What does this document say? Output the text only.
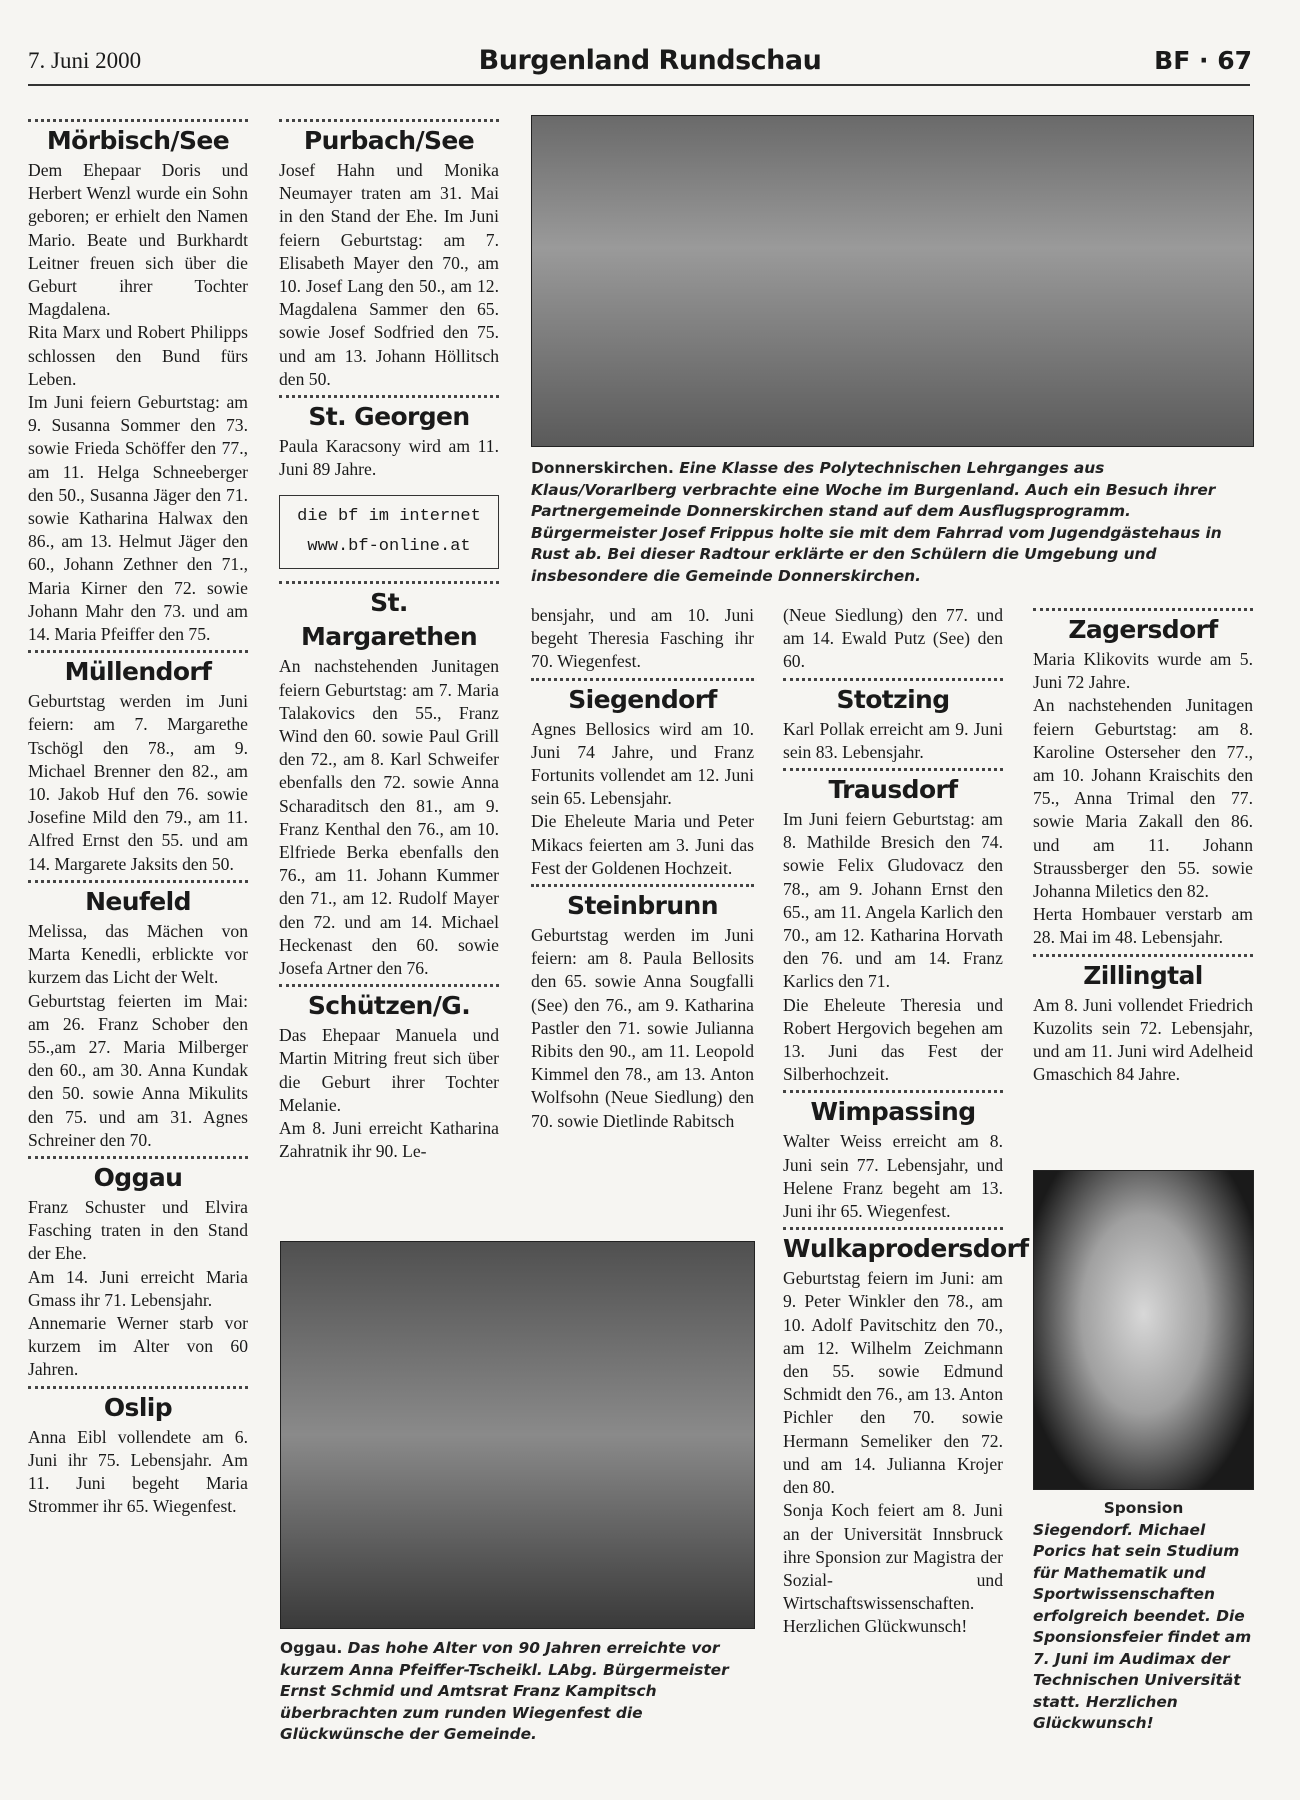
7. Juni 2000	Burgenland Rundschau	BF · 67
Mörbisch/See

Dem Ehepaar Doris und Herbert Wenzl wurde ein Sohn geboren; er erhielt den Namen Mario. Beate und Burkhardt Leitner freuen sich über die Geburt ihrer Tochter Magdalena.

Rita Marx und Robert Philipps schlossen den Bund fürs Leben.

Im Juni feiern Geburtstag: am 9. Susanna Sommer den 73. sowie Frieda Schöffer den 77., am 11. Helga Schneeberger den 50., Susanna Jäger den 71. sowie Katharina Halwax den 86., am 13. Helmut Jäger den 60., Johann Zethner den 71., Maria Kirner den 72. sowie Johann Mahr den 73. und am 14. Maria Pfeiffer den 75.

Müllendorf

Geburtstag werden im Juni feiern: am 7. Margarethe Tschögl den 78., am 9. Michael Brenner den 82., am 10. Jakob Huf den 76. sowie Josefine Mild den 79., am 11. Alfred Ernst den 55. und am 14. Margarete Jaksits den 50.

Neufeld

Melissa, das Mächen von Marta Kenedli, erblickte vor kurzem das Licht der Welt.

Geburtstag feierten im Mai: am 26. Franz Schober den 55.,am 27. Maria Milberger den 60., am 30. Anna Kundak den 50. sowie Anna Mikulits den 75. und am 31. Agnes Schreiner den 70.

Oggau

Franz Schuster und Elvira Fasching traten in den Stand der Ehe.

Am 14. Juni erreicht Maria Gmass ihr 71. Lebensjahr.

Annemarie Werner starb vor kurzem im Alter von 60 Jahren.

Oslip

Anna Eibl vollendete am 6. Juni ihr 75. Lebensjahr. Am 11. Juni begeht Maria Strommer ihr 65. Wiegenfest.

Purbach/See

Josef Hahn und Monika Neumayer traten am 31. Mai in den Stand der Ehe. Im Juni feiern Geburtstag: am 7. Elisabeth Mayer den 70., am 10. Josef Lang den 50., am 12. Magdalena Sammer den 65. sowie Josef Sodfried den 75. und am 13. Johann Höllitsch den 50.

St. Georgen

Paula Karacsony wird am 11. Juni 89 Jahre.

die bf im internet
www.bf-online.at
St. Margarethen

An nachstehenden Junitagen feiern Geburtstag: am 7. Maria Talakovics den 55., Franz Wind den 60. sowie Paul Grill den 72., am 8. Karl Schweifer ebenfalls den 72. sowie Anna Scharaditsch den 81., am 9. Franz Kenthal den 76., am 10. Elfriede Berka ebenfalls den 76., am 11. Johann Kummer den 71., am 12. Rudolf Mayer den 72. und am 14. Michael Heckenast den 60. sowie Josefa Artner den 76.

Schützen/G.

Das Ehepaar Manuela und Martin Mitring freut sich über die Geburt ihrer Tochter Melanie.

Am 8. Juni erreicht Katharina Zahratnik ihr 90. Le-

Donnerskirchen. Eine Klasse des Polytechnischen Lehrganges aus Klaus/Vorarlberg verbrachte eine Woche im Burgenland. Auch ein Besuch ihrer Partnergemeinde Donnerskirchen stand auf dem Ausflugsprogramm. Bürgermeister Josef Frippus holte sie mit dem Fahrrad vom Jugendgästehaus in Rust ab. Bei dieser Radtour erklärte er den Schülern die Umgebung und insbesondere die Gemeinde Donnerskirchen.

bensjahr, und am 10. Juni begeht Theresia Fasching ihr 70. Wiegenfest.

Siegendorf

Agnes Bellosics wird am 10. Juni 74 Jahre, und Franz Fortunits vollendet am 12. Juni sein 65. Lebensjahr.

Die Eheleute Maria und Peter Mikacs feierten am 3. Juni das Fest der Goldenen Hochzeit.

Steinbrunn

Geburtstag werden im Juni feiern: am 8. Paula Bellosits den 65. sowie Anna Sougfalli (See) den 76., am 9. Katharina Pastler den 71. sowie Julianna Ribits den 90., am 11. Leopold Kimmel den 78., am 13. Anton Wolfsohn (Neue Siedlung) den 70. sowie Dietlinde Rabitsch

(Neue Siedlung) den 77. und am 14. Ewald Putz (See) den 60.

Stotzing

Karl Pollak erreicht am 9. Juni sein 83. Lebensjahr.

Trausdorf

Im Juni feiern Geburtstag: am 8. Mathilde Bresich den 74. sowie Felix Gludovacz den 78., am 9. Johann Ernst den 65., am 11. Angela Karlich den 70., am 12. Katharina Horvath den 76. und am 14. Franz Karlics den 71.

Die Eheleute Theresia und Robert Hergovich begehen am 13. Juni das Fest der Silberhochzeit.

Wimpassing

Walter Weiss erreicht am 8. Juni sein 77. Lebensjahr, und Helene Franz begeht am 13. Juni ihr 65. Wiegenfest.

Wulkaprodersdorf

Geburtstag feiern im Juni: am 9. Peter Winkler den 78., am 10. Adolf Pavitschitz den 70., am 12. Wilhelm Zeichmann den 55. sowie Edmund Schmidt den 76., am 13. Anton Pichler den 70. sowie Hermann Semeliker den 72. und am 14. Julianna Krojer den 80.

Sonja Koch feiert am 8. Juni an der Universität Innsbruck ihre Sponsion zur Magistra der Sozial- und Wirtschaftswissenschaften. Herzlichen Glückwunsch!

Zagersdorf

Maria Klikovits wurde am 5. Juni 72 Jahre.

An nachstehenden Junitagen feiern Geburtstag: am 8. Karoline Osterseher den 77., am 10. Johann Kraischits den 75., Anna Trimal den 77. sowie Maria Zakall den 86. und am 11. Johann Straussberger den 55. sowie Johanna Miletics den 82.

Herta Hombauer verstarb am 28. Mai im 48. Lebensjahr.

Zillingtal

Am 8. Juni vollendet Friedrich Kuzolits sein 72. Lebensjahr, und am 11. Juni wird Adelheid Gmaschich 84 Jahre.

Oggau. Das hohe Alter von 90 Jahren erreichte vor kurzem Anna Pfeiffer-Tscheikl. LAbg. Bürgermeister Ernst Schmid und Amtsrat Franz Kampitsch überbrachten zum runden Wiegenfest die Glückwünsche der Gemeinde.
Sponsion
Siegendorf. Michael Porics hat sein Studium für Mathematik und Sportwissenschaften erfolgreich beendet. Die Sponsionsfeier findet am 7. Juni im Audimax der Technischen Universität statt. Herzlichen Glückwunsch!
